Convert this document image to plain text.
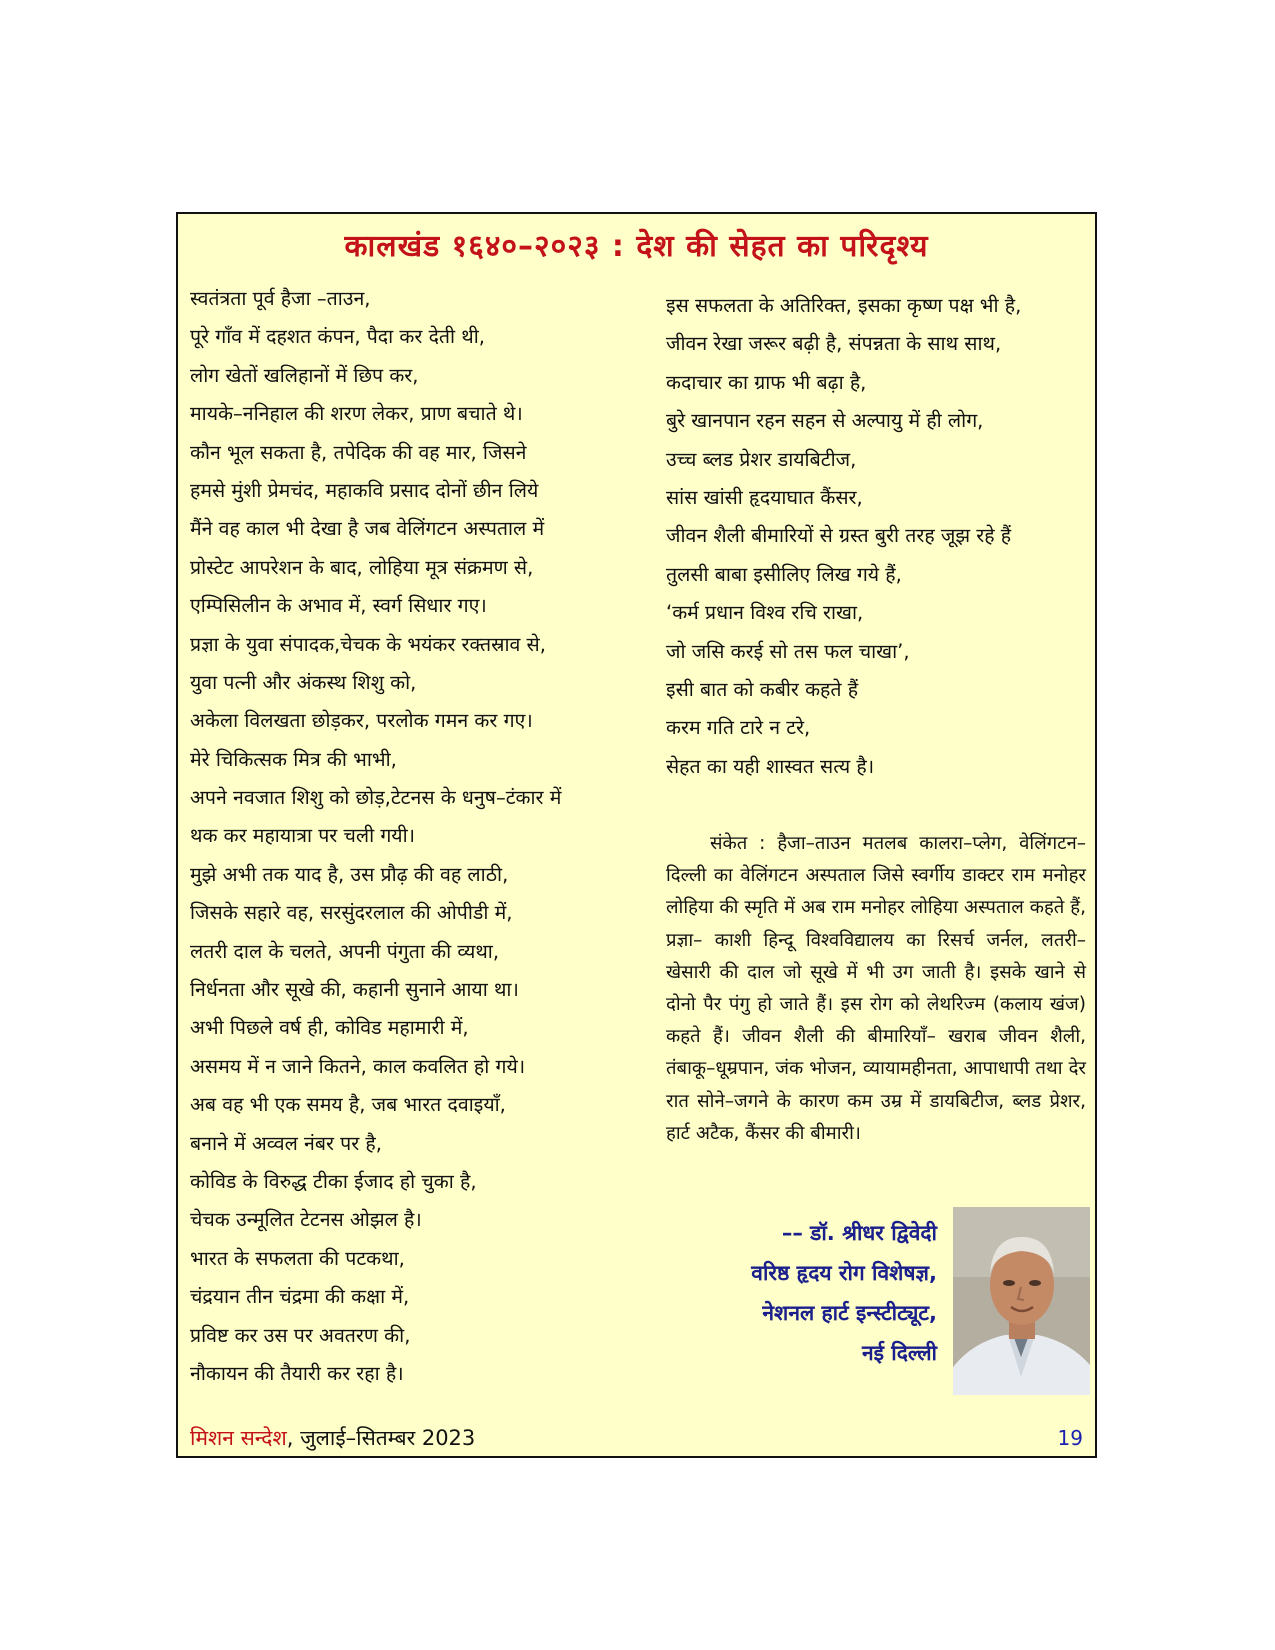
कालखंड १६४०–२०२३ : देश की सेहत का परिदृश्य
स्वतंत्रता पूर्व हैजा –ताउन,
पूरे गाँव में दहशत कंपन, पैदा कर देती थी,
लोग खेतों खलिहानों में छिप कर,
मायके–ननिहाल की शरण लेकर, प्राण बचाते थे।
कौन भूल सकता है, तपेदिक की वह मार, जिसने
हमसे मुंशी प्रेमचंद, महाकवि प्रसाद दोनों छीन लिये
मैंने वह काल भी देखा है जब वेलिंगटन अस्पताल में
प्रोस्टेट आपरेशन के बाद, लोहिया मूत्र संक्रमण से,
एम्पिसिलीन के अभाव में, स्वर्ग सिधार गए।
प्रज्ञा के युवा संपादक,चेचक के भयंकर रक्तस्राव से,
युवा पत्नी और अंकस्थ शिशु को,
अकेला विलखता छोड़कर, परलोक गमन कर गए।
मेरे चिकित्सक मित्र की भाभी,
अपने नवजात शिशु को छोड़,टेटनस के धनुष–टंकार में
थक कर महायात्रा पर चली गयी।
मुझे अभी तक याद है, उस प्रौढ़ की वह लाठी,
जिसके सहारे वह, सरसुंदरलाल की ओपीडी में,
लतरी दाल के चलते, अपनी पंगुता की व्यथा,
निर्धनता और सूखे की, कहानी सुनाने आया था।
अभी पिछले वर्ष ही, कोविड महामारी में,
असमय में न जाने कितने, काल कवलित हो गये।
अब वह भी एक समय है, जब भारत दवाइयाँ,
बनाने में अव्वल नंबर पर है,
कोविड के विरुद्ध टीका ईजाद हो चुका है,
चेचक उन्मूलित टेटनस ओझल है।
भारत के सफलता की पटकथा,
चंद्रयान तीन चंद्रमा की कक्षा में,
प्रविष्ट कर उस पर अवतरण की,
नौकायन की तैयारी कर रहा है।
इस सफलता के अतिरिक्त, इसका कृष्ण पक्ष भी है,
जीवन रेखा जरूर बढ़ी है, संपन्नता के साथ साथ,
कदाचार का ग्राफ भी बढ़ा है,
बुरे खानपान रहन सहन से अल्पायु में ही लोग,
उच्च ब्लड प्रेशर डायबिटीज,
सांस खांसी हृदयाघात कैंसर,
जीवन शैली बीमारियों से ग्रस्त बुरी तरह जूझ रहे हैं
तुलसी बाबा इसीलिए लिख गये हैं,
‘कर्म प्रधान विश्व रचि राखा,
जो जसि करई सो तस फल चाखा’,
इसी बात को कबीर कहते हैं
करम गति टारे न टरे,
सेहत का यही शास्वत सत्य है।

संकेत : हैजा–ताउन मतलब कालरा–प्लेग, वेलिंगटन– दिल्ली का वेलिंगटन अस्पताल जिसे स्वर्गीय डाक्टर राम मनोहर लोहिया की स्मृति में अब राम मनोहर लोहिया अस्पताल कहते हैं, प्रज्ञा– काशी हिन्दू विश्वविद्यालय का रिसर्च जर्नल, लतरी– खेसारी की दाल जो सूखे में भी उग जाती है। इसके खाने से दोनो पैर पंगु हो जाते हैं। इस रोग को लेथरिज्म (कलाय खंज) कहते हैं। जीवन शैली की बीमारियाँ– खराब जीवन शैली, तंबाकू–धूम्रपान, जंक भोजन, व्यायामहीनता, आपाधापी तथा देर रात सोने–जगने के कारण कम उम्र में डायबिटीज, ब्लड प्रेशर, हार्ट अटैक, कैंसर की बीमारी।

–– डॉ. श्रीधर द्विवेदी
वरिष्ठ हृदय रोग विशेषज्ञ,
नेशनल हार्ट इन्स्टीट्यूट,
नई दिल्ली
मिशन सन्देश, जुलाई–सितम्बर 2023	19
